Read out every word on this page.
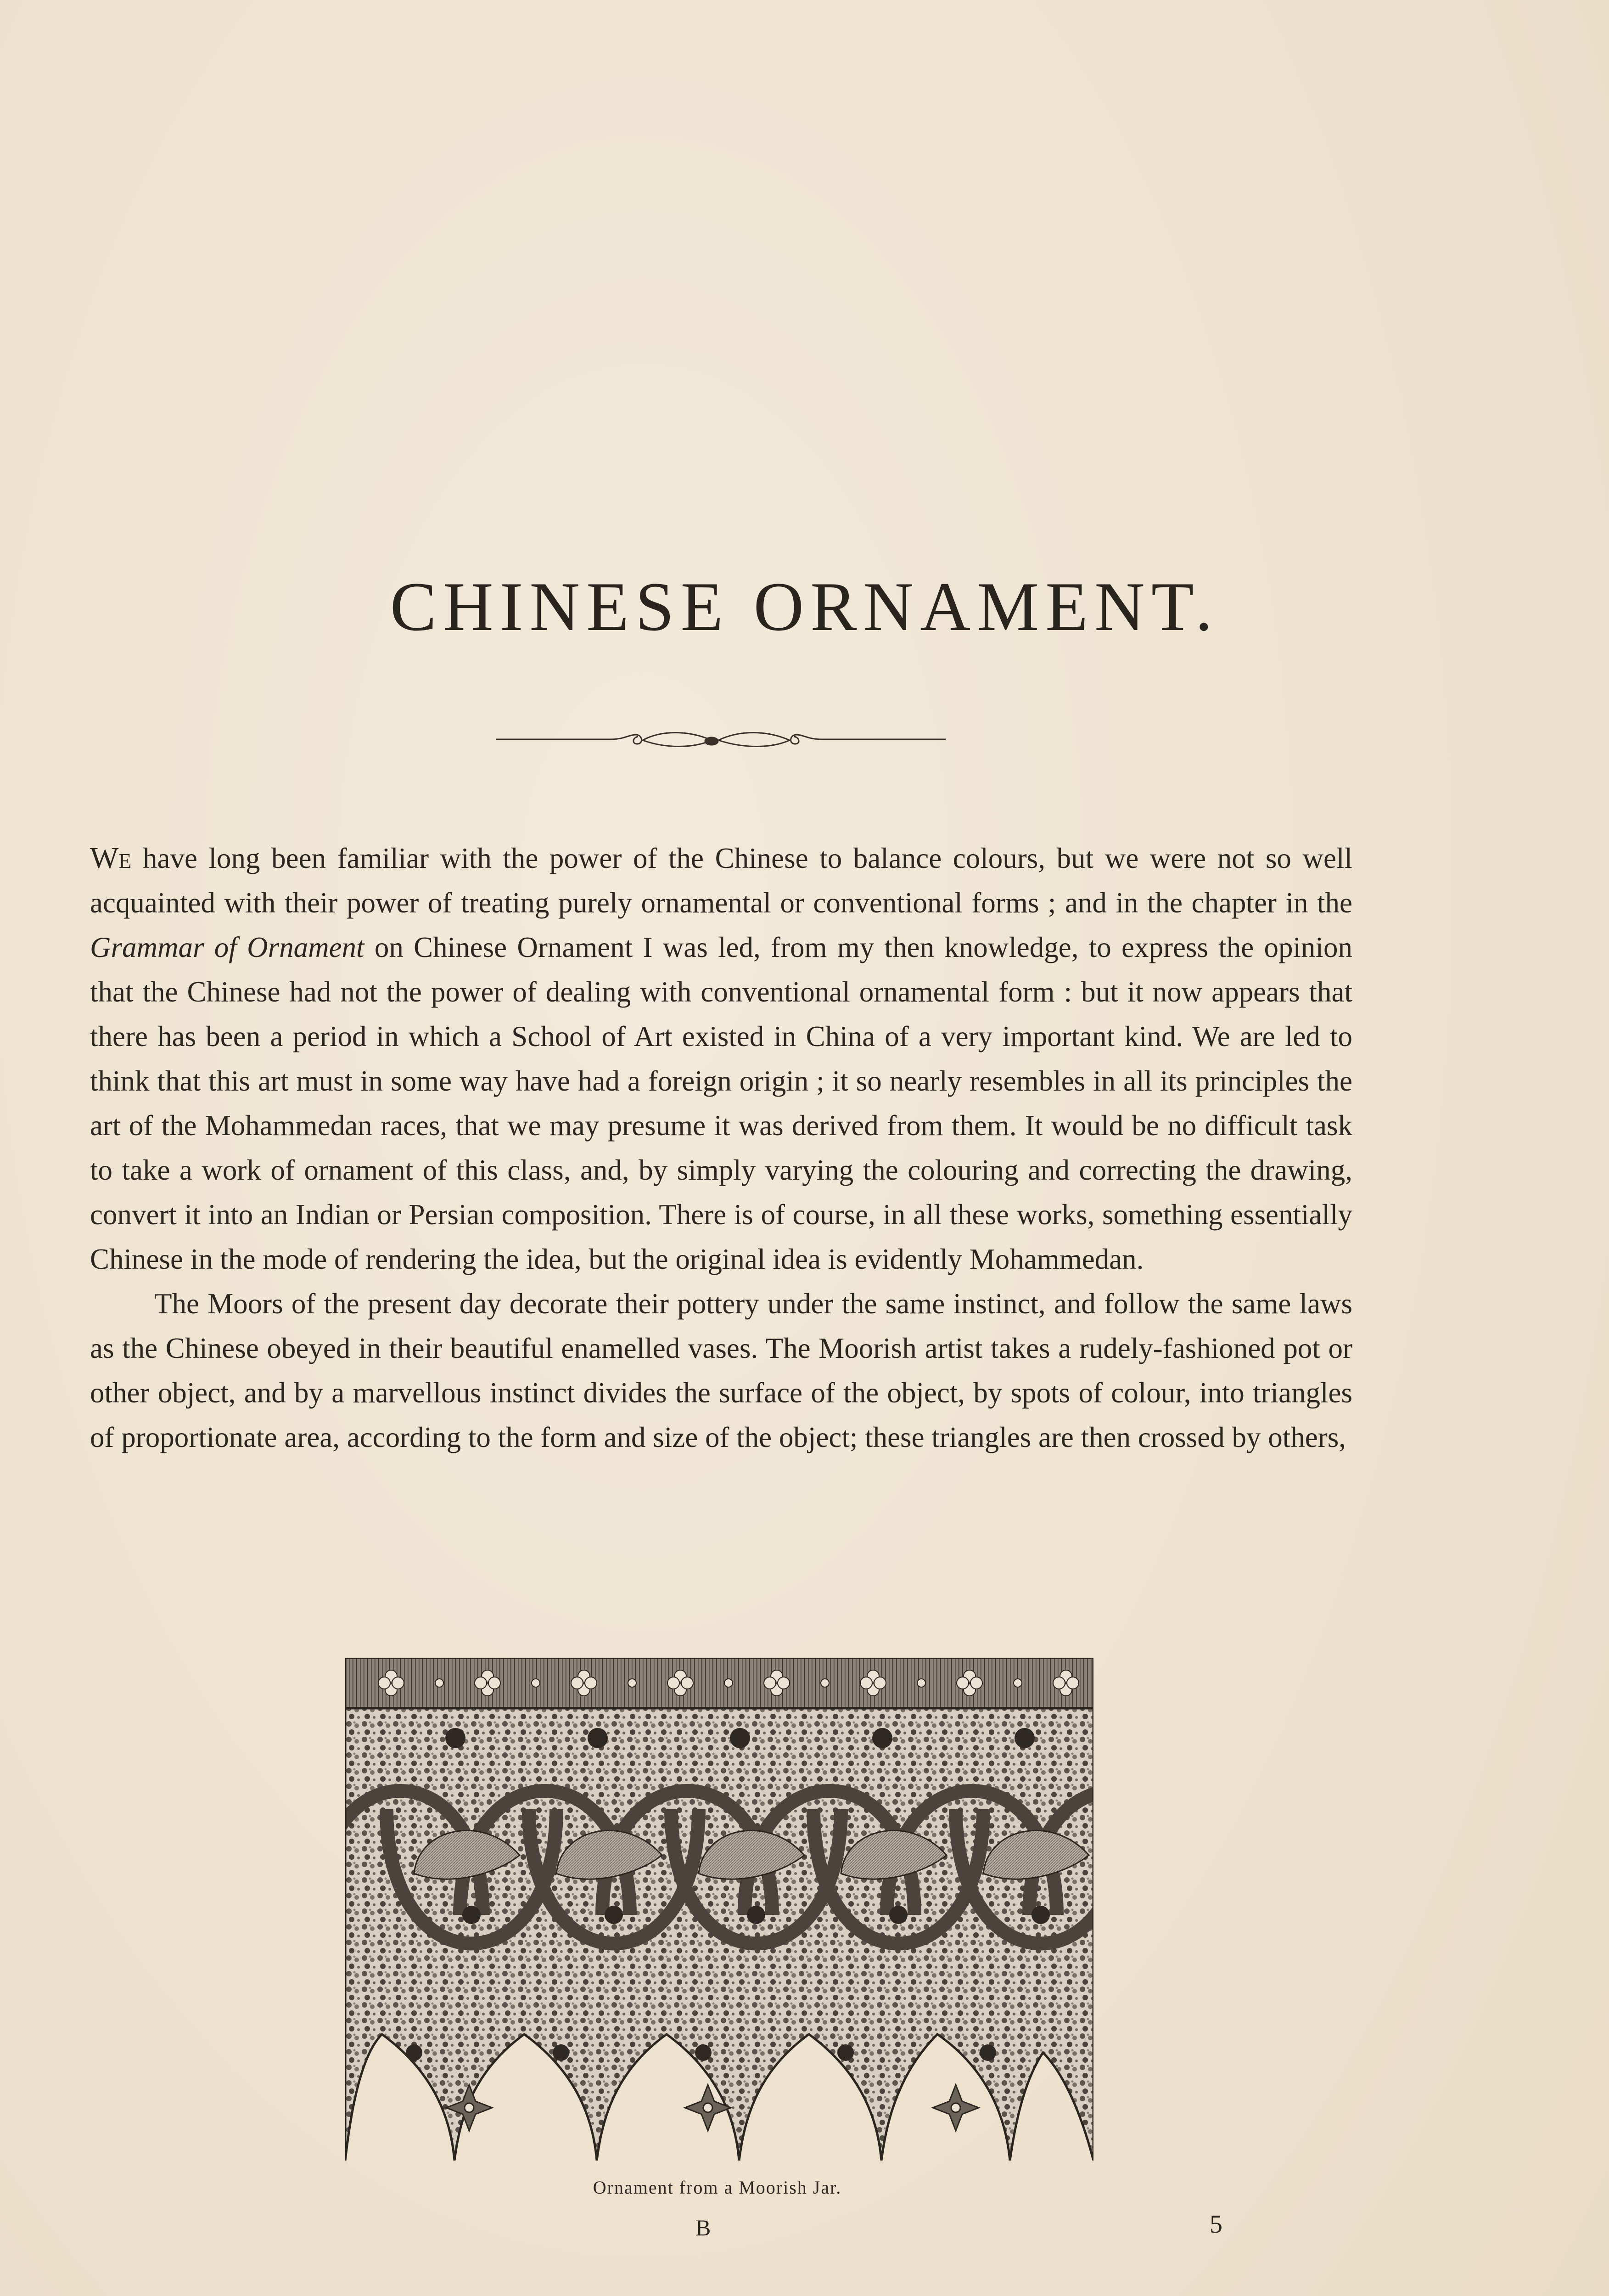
CHINESE ORNAMENT.

We have long been familiar with the power of the Chinese to balance colours, but we were not so well acquainted with their power of treating purely ornamental or conventional forms ; and in the chapter in the Grammar of Ornament on Chinese Ornament I was led, from my then knowledge, to express the opinion that the Chinese had not the power of dealing with conventional ornamental form : but it now appears that there has been a period in which a School of Art existed in China of a very important kind. We are led to think that this art must in some way have had a foreign origin ; it so nearly resembles in all its principles the art of the Mohammedan races, that we may presume it was derived from them. It would be no difficult task to take a work of ornament of this class, and, by simply varying the colouring and correcting the drawing, convert it into an Indian or Persian composition. There is of course, in all these works, something essentially Chinese in the mode of rendering the idea, but the original idea is evidently Mohammedan.

The Moors of the present day decorate their pottery under the same instinct, and follow the same laws as the Chinese obeyed in their beautiful enamelled vases. The Moorish artist takes a rudely-fashioned pot or other object, and by a marvellous instinct divides the surface of the object, by spots of colour, into triangles of proportionate area, according to the form and size of the object; these triangles are then crossed by others,

Ornament from a Moorish Jar.
B	5
